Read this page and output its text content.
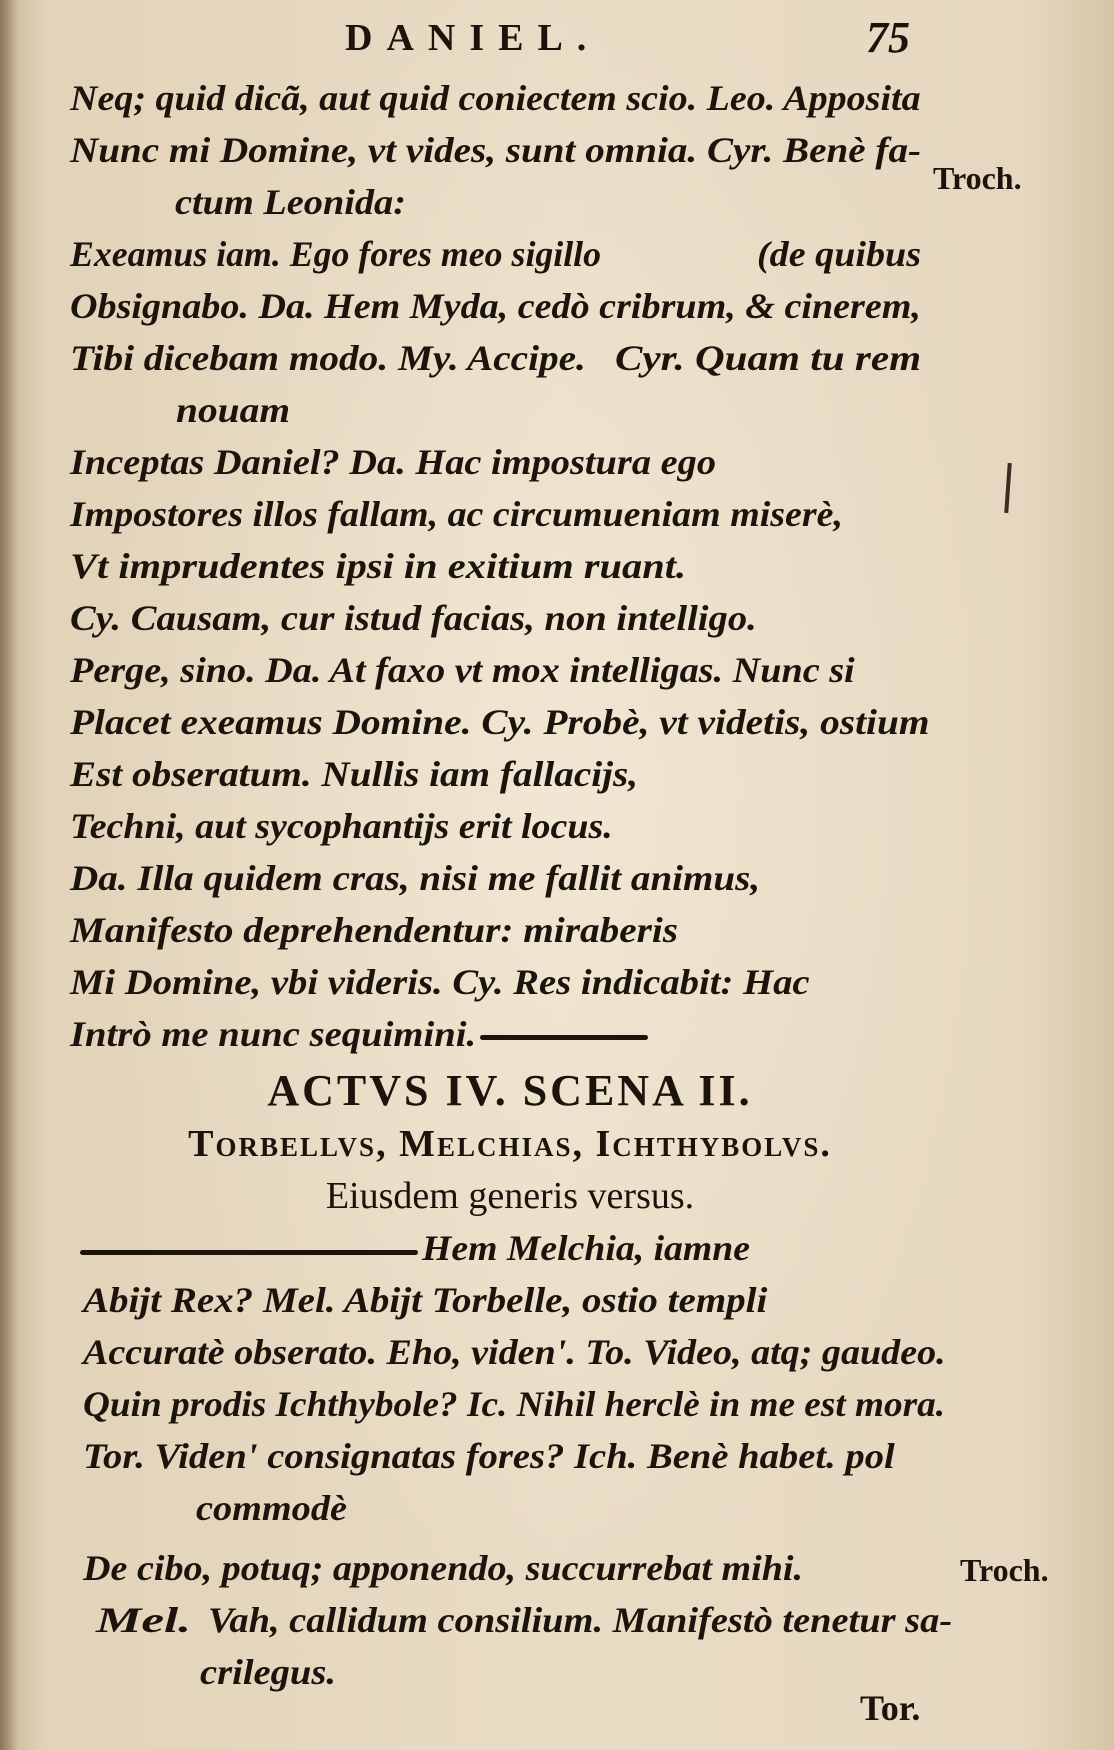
DANIEL.	75
Troch.
Neq; quid dicã, aut quid coniectem scio. Leo. Apposita
Nunc mi Domine, vt vides, sunt omnia. Cyr. Benè fa-
ctum Leonida:
Exeamus iam. Ego fores meo sigillo	(de quibus
Obsignabo. Da. Hem Myda, cedò cribrum, & cinerem,
Tibi dicebam modo. My. Accipe. Cyr. Quam tu rem
nouam
Inceptas Daniel? Da. Hac impostura ego
Impostores illos fallam, ac circumueniam miserè,
Vt imprudentes ipsi in exitium ruant.
Cy. Causam, cur istud facias, non intelligo.
Perge, sino. Da. At faxo vt mox intelligas. Nunc si
Placet exeamus Domine. Cy. Probè, vt videtis, ostium
Est obseratum. Nullis iam fallacijs,
Techni, aut sycophantijs erit locus.
Da. Illa quidem cras, nisi me fallit animus,
Manifesto deprehendentur: miraberis
Mi Domine, vbi videris. Cy. Res indicabit: Hac
Intrò me nunc sequimini.
ACTVS IV. SCENA II.
Torbellvs, Melchias, Ichthybolvs.
Eiusdem generis versus.
Hem Melchia, iamne
Abijt Rex? Mel. Abijt Torbelle, ostio templi
Accuratè obserato. Eho, viden'. To. Video, atq; gaudeo.
Quin prodis Ichthybole? Ic. Nihil herclè in me est mora.
Tor. Viden' consignatas fores? Ich. Benè habet. pol
commodè
De cibo, potuq; apponendo, succurrebat mihi.	Troch.
Mel. Vah, callidum consilium. Manifestò tenetur sa-
crilegus.
Tor.
